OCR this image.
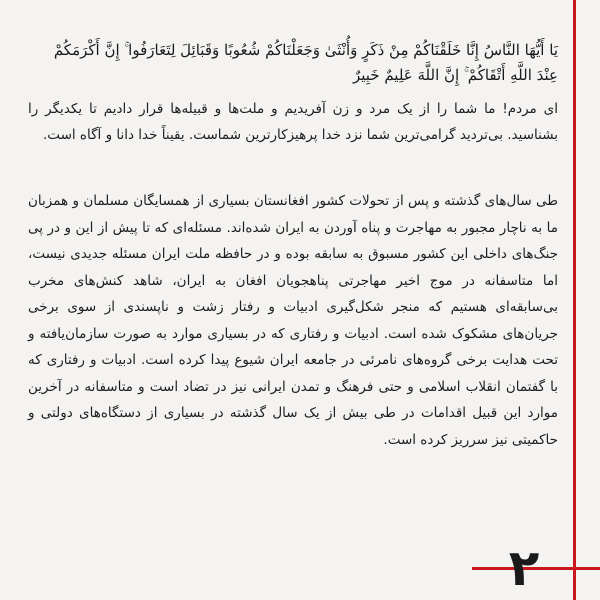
يَا أَيُّهَا النَّاسُ إِنَّا خَلَقْنَاكُمْ مِنْ ذَكَرٍ وَأُنْثَىٰ وَجَعَلْنَاكُمْ شُعُوبًا وَقَبَائِلَ لِتَعَارَفُوا ۚ إِنَّ أَكْرَمَكُمْ عِنْدَ اللَّهِ أَتْقَاكُمْ ۚ إِنَّ اللَّهَ عَلِيمٌ خَبِيرٌ

ای مردم! ما شما را از یک مرد و زن آفریدیم و ملت‌ها و قبیله‌ها قرار دادیم تا یکدیگر را بشناسید. بی‌تردید گرامی‌ترین شما نزد خدا پرهیزکارترین شماست. یقیناً خدا دانا و آگاه است.

طی سال‌های گذشته و پس از تحولات کشور افغانستان بسیاری از همسایگان مسلمان و همزبان ما به ناچار مجبور به مهاجرت و پناه آوردن به ایران شده‌اند. مسئله‌ای که تا پیش از این و در پی جنگ‌های داخلی این کشور مسبوق به سابقه بوده و در حافظه ملت ایران مسئله جدیدی نیست، اما متاسفانه در موج اخیر مهاجرتی پناهجویان افغان به ایران، شاهد کنش‌های مخرب بی‌سابقه‌ای هستیم که منجر شکل‌گیری ادبیات و رفتار زشت و ناپسندی از سوی برخی جریان‌های مشکوک شده است. ادبیات و رفتاری که در بسیاری موارد به صورت سازمان‌یافته و تحت هدایت برخی گروه‌های نامرئی در جامعه ایران شیوع پیدا کرده است. ادبیات و رفتاری که با گفتمان انقلاب اسلامی و حتی فرهنگ و تمدن ایرانی نیز در تضاد است و متاسفانه در آخرین موارد این قبیل اقدامات در طی بیش از یک سال گذشته در بسیاری از دستگاه‌های دولتی و حاکمیتی نیز سرریز کرده است.

۲
